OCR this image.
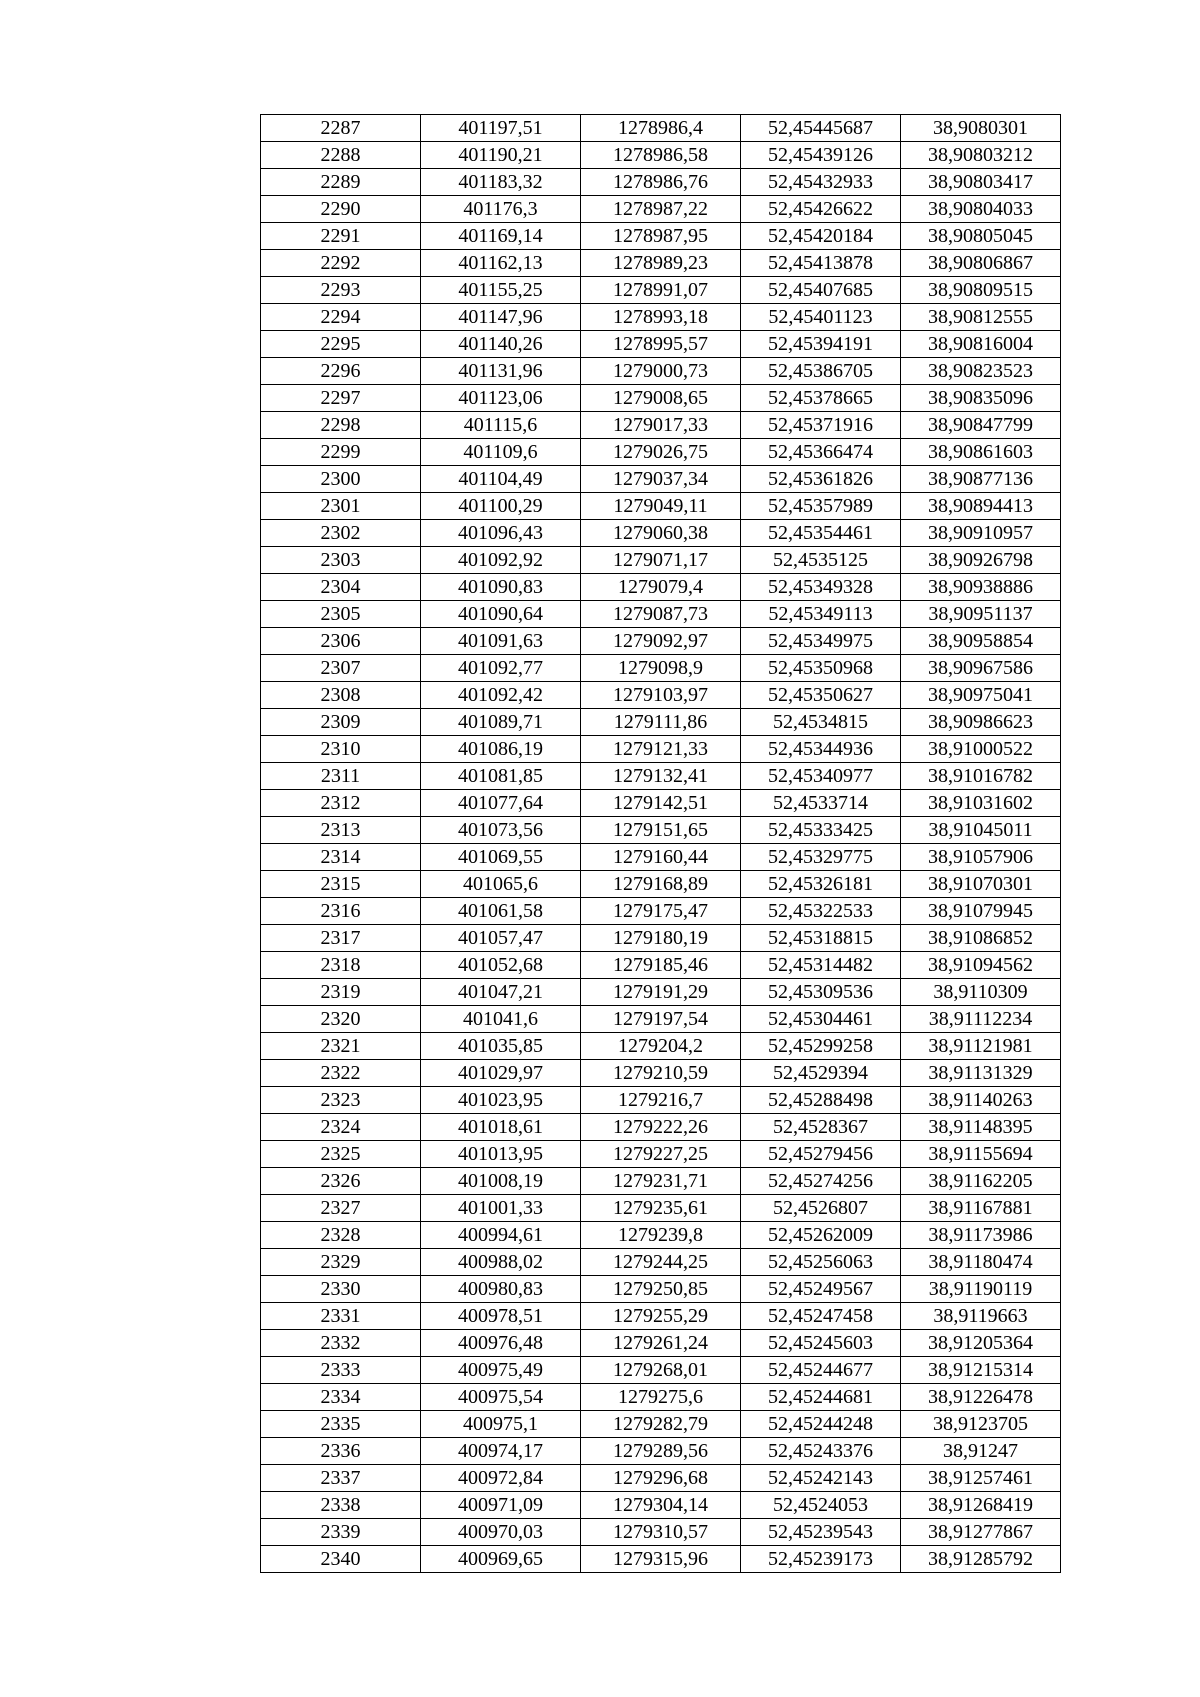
2287	401197,51	1278986,4	52,45445687	38,9080301
2288	401190,21	1278986,58	52,45439126	38,90803212
2289	401183,32	1278986,76	52,45432933	38,90803417
2290	401176,3	1278987,22	52,45426622	38,90804033
2291	401169,14	1278987,95	52,45420184	38,90805045
2292	401162,13	1278989,23	52,45413878	38,90806867
2293	401155,25	1278991,07	52,45407685	38,90809515
2294	401147,96	1278993,18	52,45401123	38,90812555
2295	401140,26	1278995,57	52,45394191	38,90816004
2296	401131,96	1279000,73	52,45386705	38,90823523
2297	401123,06	1279008,65	52,45378665	38,90835096
2298	401115,6	1279017,33	52,45371916	38,90847799
2299	401109,6	1279026,75	52,45366474	38,90861603
2300	401104,49	1279037,34	52,45361826	38,90877136
2301	401100,29	1279049,11	52,45357989	38,90894413
2302	401096,43	1279060,38	52,45354461	38,90910957
2303	401092,92	1279071,17	52,4535125	38,90926798
2304	401090,83	1279079,4	52,45349328	38,90938886
2305	401090,64	1279087,73	52,45349113	38,90951137
2306	401091,63	1279092,97	52,45349975	38,90958854
2307	401092,77	1279098,9	52,45350968	38,90967586
2308	401092,42	1279103,97	52,45350627	38,90975041
2309	401089,71	1279111,86	52,4534815	38,90986623
2310	401086,19	1279121,33	52,45344936	38,91000522
2311	401081,85	1279132,41	52,45340977	38,91016782
2312	401077,64	1279142,51	52,4533714	38,91031602
2313	401073,56	1279151,65	52,45333425	38,91045011
2314	401069,55	1279160,44	52,45329775	38,91057906
2315	401065,6	1279168,89	52,45326181	38,91070301
2316	401061,58	1279175,47	52,45322533	38,91079945
2317	401057,47	1279180,19	52,45318815	38,91086852
2318	401052,68	1279185,46	52,45314482	38,91094562
2319	401047,21	1279191,29	52,45309536	38,9110309
2320	401041,6	1279197,54	52,45304461	38,91112234
2321	401035,85	1279204,2	52,45299258	38,91121981
2322	401029,97	1279210,59	52,4529394	38,91131329
2323	401023,95	1279216,7	52,45288498	38,91140263
2324	401018,61	1279222,26	52,4528367	38,91148395
2325	401013,95	1279227,25	52,45279456	38,91155694
2326	401008,19	1279231,71	52,45274256	38,91162205
2327	401001,33	1279235,61	52,4526807	38,91167881
2328	400994,61	1279239,8	52,45262009	38,91173986
2329	400988,02	1279244,25	52,45256063	38,91180474
2330	400980,83	1279250,85	52,45249567	38,91190119
2331	400978,51	1279255,29	52,45247458	38,9119663
2332	400976,48	1279261,24	52,45245603	38,91205364
2333	400975,49	1279268,01	52,45244677	38,91215314
2334	400975,54	1279275,6	52,45244681	38,91226478
2335	400975,1	1279282,79	52,45244248	38,9123705
2336	400974,17	1279289,56	52,45243376	38,91247
2337	400972,84	1279296,68	52,45242143	38,91257461
2338	400971,09	1279304,14	52,4524053	38,91268419
2339	400970,03	1279310,57	52,45239543	38,91277867
2340	400969,65	1279315,96	52,45239173	38,91285792
